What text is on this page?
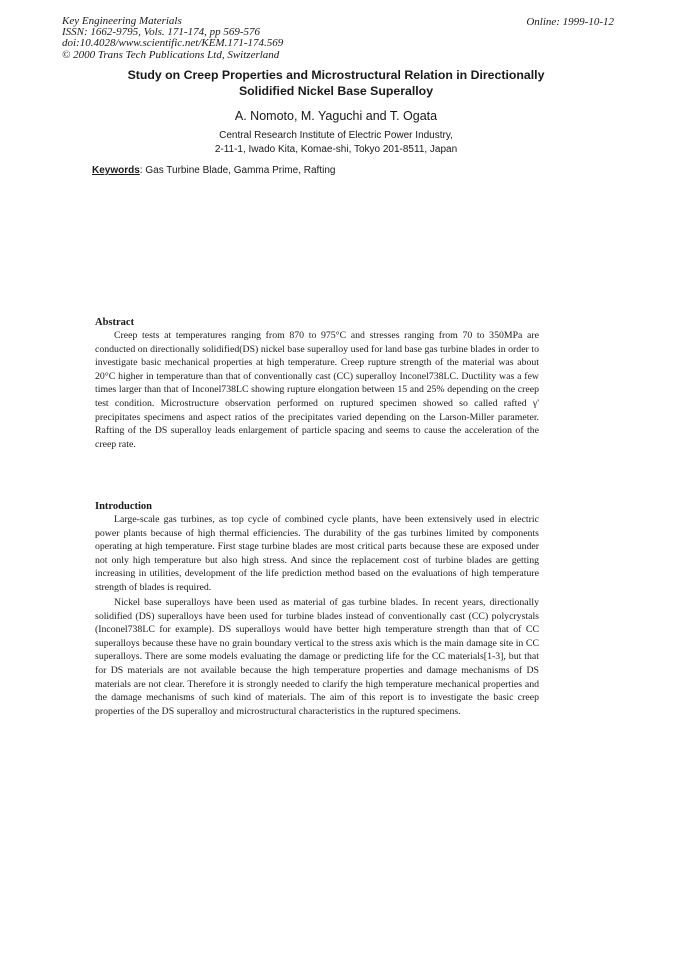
Key Engineering Materials
ISSN: 1662-9795, Vols. 171-174, pp 569-576
doi:10.4028/www.scientific.net/KEM.171-174.569
© 2000 Trans Tech Publications Ltd, Switzerland
Online: 1999-10-12
Study on Creep Properties and Microstructural Relation in Directionally
Solidified Nickel Base Superalloy
A. Nomoto, M. Yaguchi and T. Ogata
Central Research Institute of Electric Power Industry,
2-11-1, Iwado Kita, Komae-shi, Tokyo 201-8511, Japan
Keywords: Gas Turbine Blade, Gamma Prime, Rafting
Abstract

Creep tests at temperatures ranging from 870 to 975°C and stresses ranging from 70 to 350MPa are conducted on directionally solidified(DS) nickel base superalloy used for land base gas turbine blades in order to investigate basic mechanical properties at high temperature. Creep rupture strength of the material was about 20°C higher in temperature than that of conventionally cast (CC) superalloy Inconel738LC. Ductility was a few times larger than that of Inconel738LC showing rupture elongation between 15 and 25% depending on the creep test condition. Microstructure observation performed on ruptured specimen showed so called rafted γ' precipitates specimens and aspect ratios of the precipitates varied depending on the Larson-Miller parameter. Rafting of the DS superalloy leads enlargement of particle spacing and seems to cause the acceleration of the creep rate.

Introduction

Large-scale gas turbines, as top cycle of combined cycle plants, have been extensively used in electric power plants because of high thermal efficiencies. The durability of the gas turbines limited by components operating at high temperature. First stage turbine blades are most critical parts because these are exposed under not only high temperature but also high stress. And since the replacement cost of turbine blades are getting increasing in utilities, development of the life prediction method based on the evaluations of high temperature strength of blades is required.

Nickel base superalloys have been used as material of gas turbine blades. In recent years, directionally solidified (DS) superalloys have been used for turbine blades instead of conventionally cast (CC) polycrystals (Inconel738LC for example). DS superalloys would have better high temperature strength than that of CC superalloys because these have no grain boundary vertical to the stress axis which is the main damage site in CC superalloys. There are some models evaluating the damage or predicting life for the CC materials[1-3], but that for DS materials are not available because the high temperature properties and damage mechanisms of DS materials are not clear. Therefore it is strongly needed to clarify the high temperature mechanical properties and the damage mechanisms of such kind of materials. The aim of this report is to investigate the basic creep properties of the DS superalloy and microstructural characteristics in the ruptured specimens.
